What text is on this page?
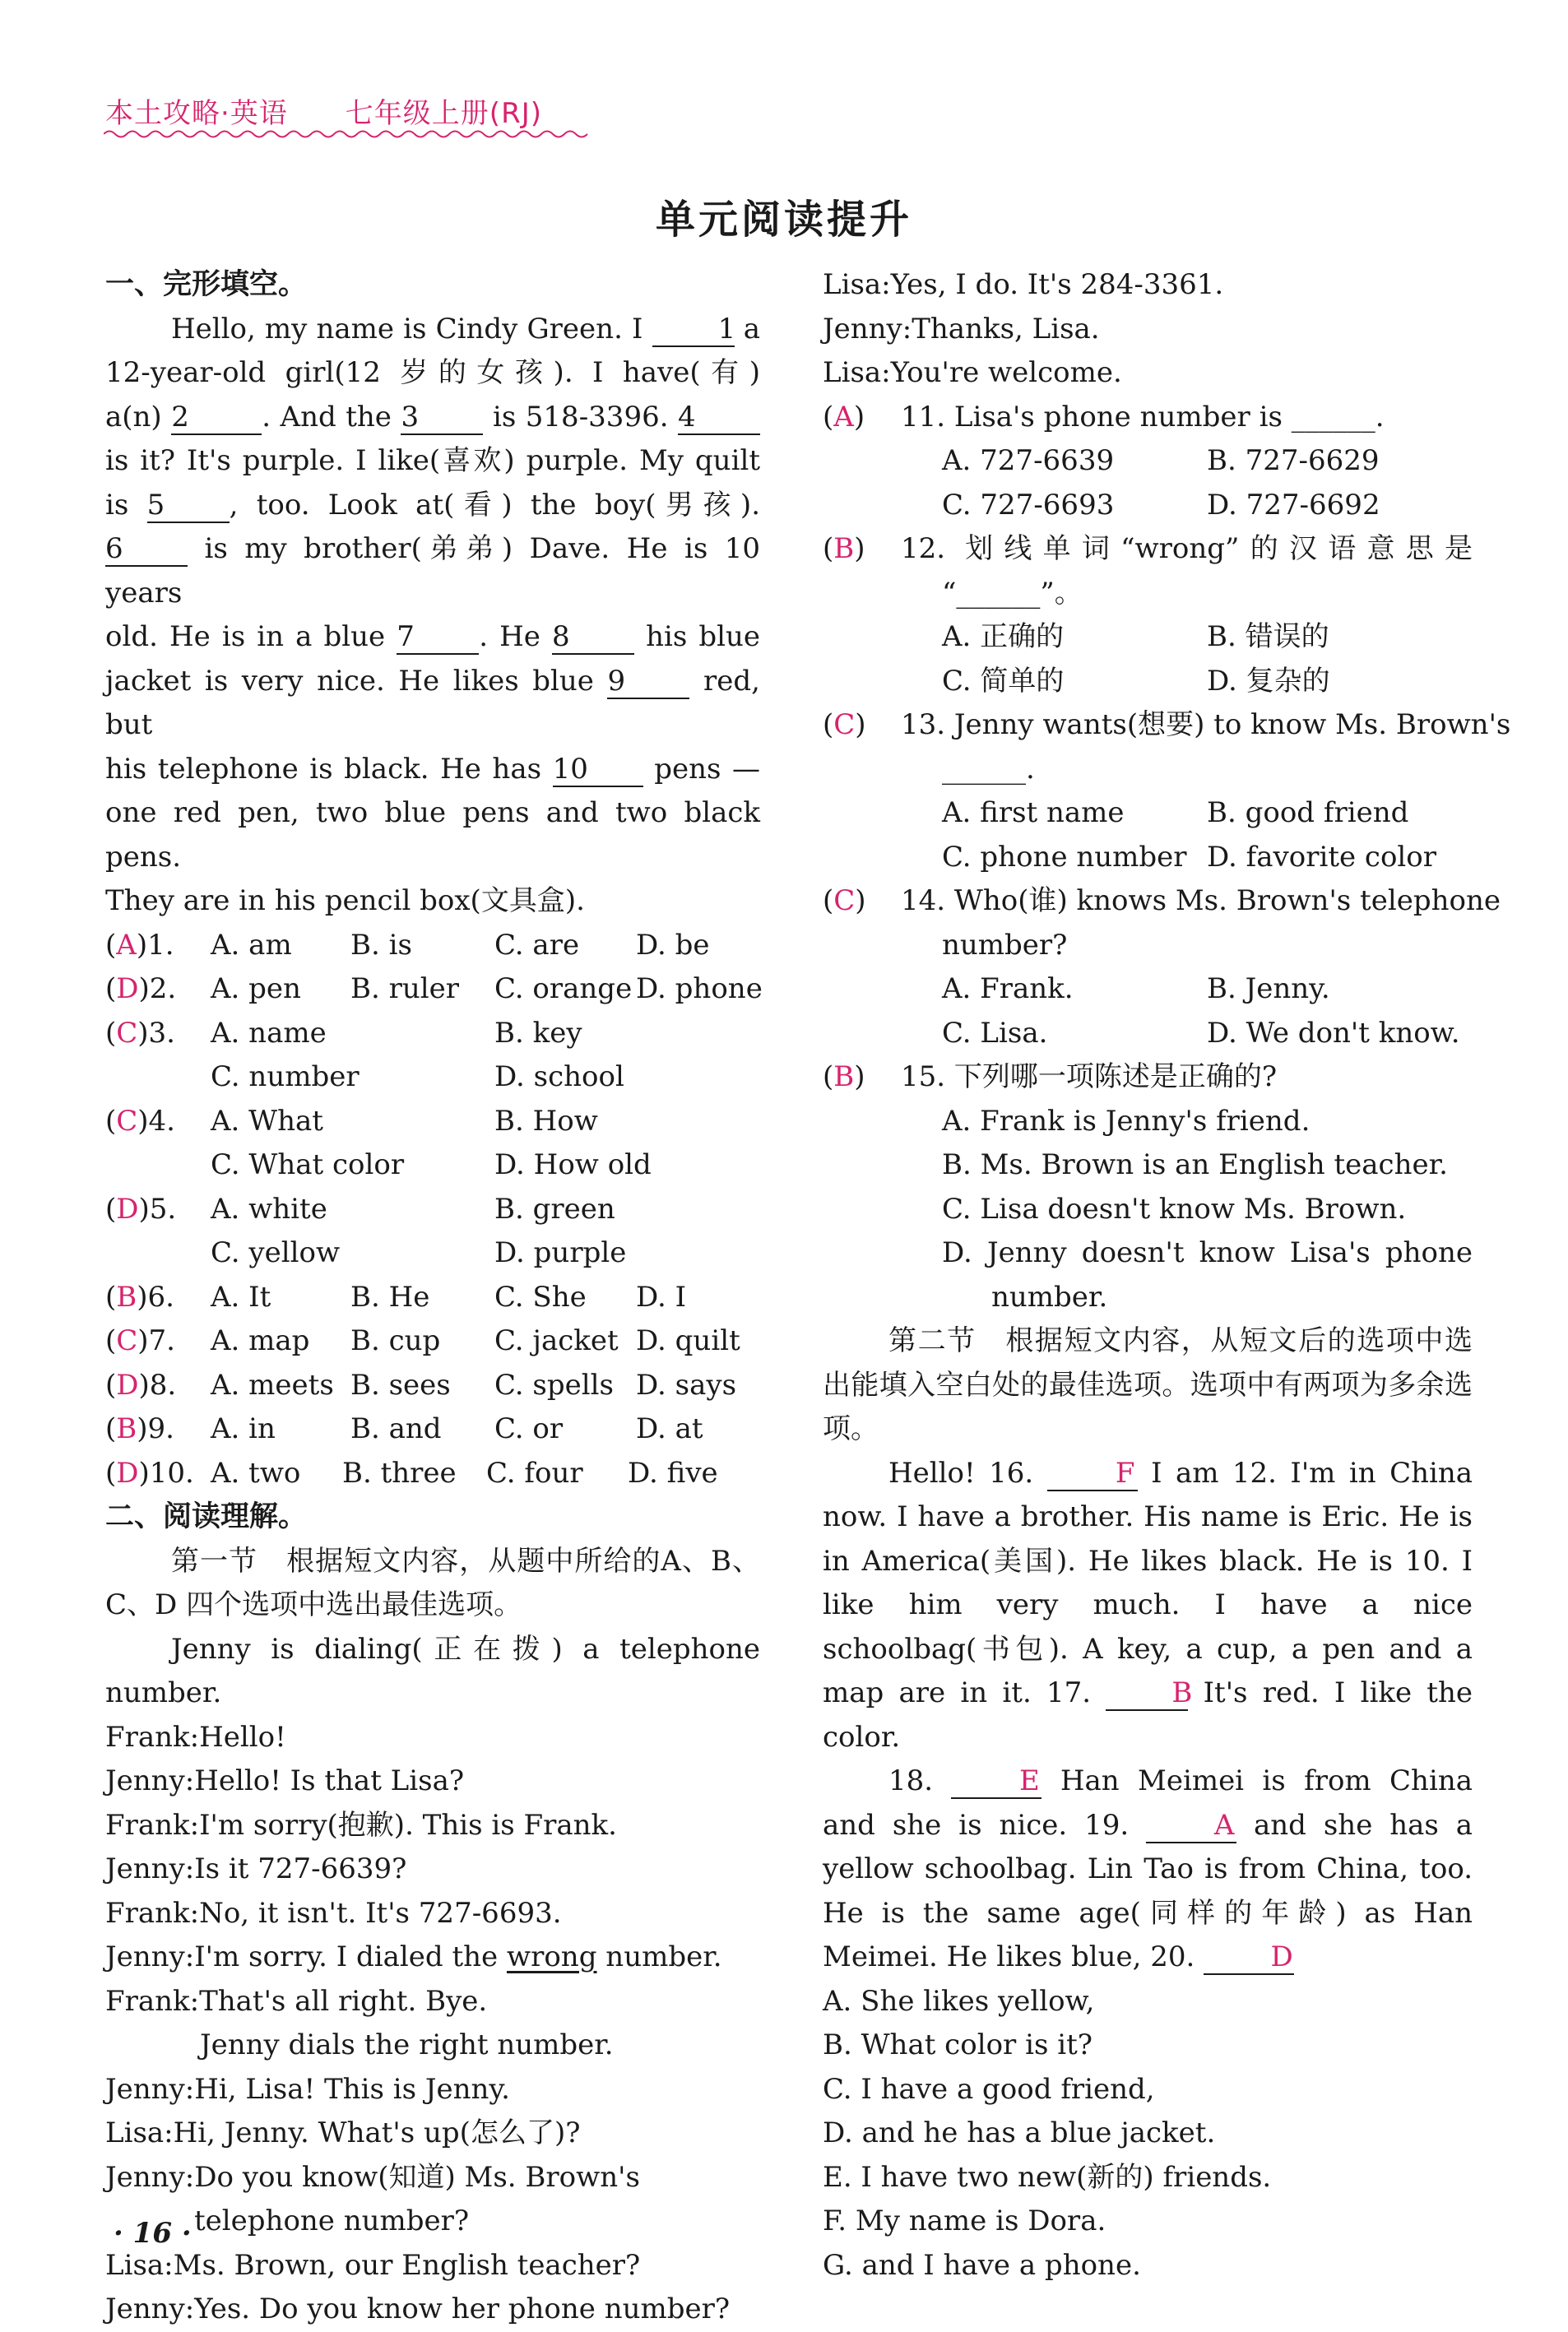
本土攻略·英语　　七年级上册(RJ)
单元阅读提升
一、完形填空。

Hello, my name is Cindy Green. I	1 a

12-year-old girl(12 岁的女孩). I have(有)

a(n) 2	. And the 3	is 518-3396. 4

is it? It's purple. I like(喜欢) purple. My quilt

is 5 , too. Look at(看) the boy(男孩).

6	is my brother(弟弟) Dave. He is 10 years

old. He is in a blue 7 . He 8	his blue

jacket is very nice. He likes blue 9	red, but

his telephone is black. He has 10 pens —

one red pen, two blue pens and two black pens.

They are in his pencil box(文具盒).

(A)1.	A. am	B. is	C. are	D. be
(D)2.	A. pen	B. ruler	C. orange D. phone
(C)3.	A. name	B. key
C. number	D. school
(C)4.	A. What	B. How
C. What color	D. How old
(D)5.	A. white	B. green
C. yellow	D. purple
(B)6.	A. It	B. He	C. She	D. I
(C)7.	A. map	B. cup	C. jacket D. quilt
(D)8.	A. meets B. sees	C. spells D. says
(B)9.	A. in	B. and	C. or	D. at
(D)10. A. two	B. three	C. four	D. five
二、阅读理解。

第一节　根据短文内容，从题中所给的A、B、C、D 四个选项中选出最佳选项。

Jenny is dialing(正在拨) a telephone number.

Frank:Hello!
Jenny:Hello! Is that Lisa?
Frank:I'm sorry(抱歉). This is Frank.
Jenny:Is it 727-6639?
Frank:No, it isn't. It's 727-6693.
Jenny:I'm sorry. I dialed the wrong number.
Frank:That's all right. Bye.
Jenny dials the right number.
Jenny:Hi, Lisa! This is Jenny.
Lisa:Hi, Jenny. What's up(怎么了)?
Jenny:Do you know(知道) Ms. Brown's telephone number?
Lisa:Ms. Brown, our English teacher?
Jenny:Yes. Do you know her phone number?
Lisa:Yes, I do. It's 284-3361.
Jenny:Thanks, Lisa.
Lisa:You're welcome.
(A)	11. Lisa's phone number is ______.
A. 727-6639	B. 727-6629
C. 727-6693	D. 727-6692
(B)	12. 划线单词“wrong”的汉语意思是
“______”。
A. 正确的	B. 错误的
C. 简单的	D. 复杂的
(C)	13. Jenny wants(想要) to know Ms. Brown's
______.
A. first name	B. good friend
C. phone number D. favorite color
(C)	14. Who(谁) knows Ms. Brown's telephone
number?
A. Frank.	B. Jenny.
C. Lisa.	D. We don't know.
(B)	15. 下列哪一项陈述是正确的?
A. Frank is Jenny's friend.
B. Ms. Brown is an English teacher.
C. Lisa doesn't know Ms. Brown.
D. Jenny doesn't know Lisa's phone
number.

第二节　根据短文内容，从短文后的选项中选出能填入空白处的最佳选项。选项中有两项为多余选项。

Hello! 16.	F I am 12. I'm in China now. I have a brother. His name is Eric. He is in America(美国). He likes black. He is 10. I like him very much. I have a nice schoolbag(书包). A key, a cup, a pen and a map are in it. 17.	B It's red. I like the color.

18.	E Han Meimei is from China and she is nice. 19.	A and she has a yellow schoolbag. Lin Tao is from China, too. He is the same age(同样的年龄) as Han Meimei. He likes blue, 20.	D

A. She likes yellow,
B. What color is it?
C. I have a good friend,
D. and he has a blue jacket.
E. I have two new(新的) friends.
F. My name is Dora.
G. and I have a phone.
· 16 ·
